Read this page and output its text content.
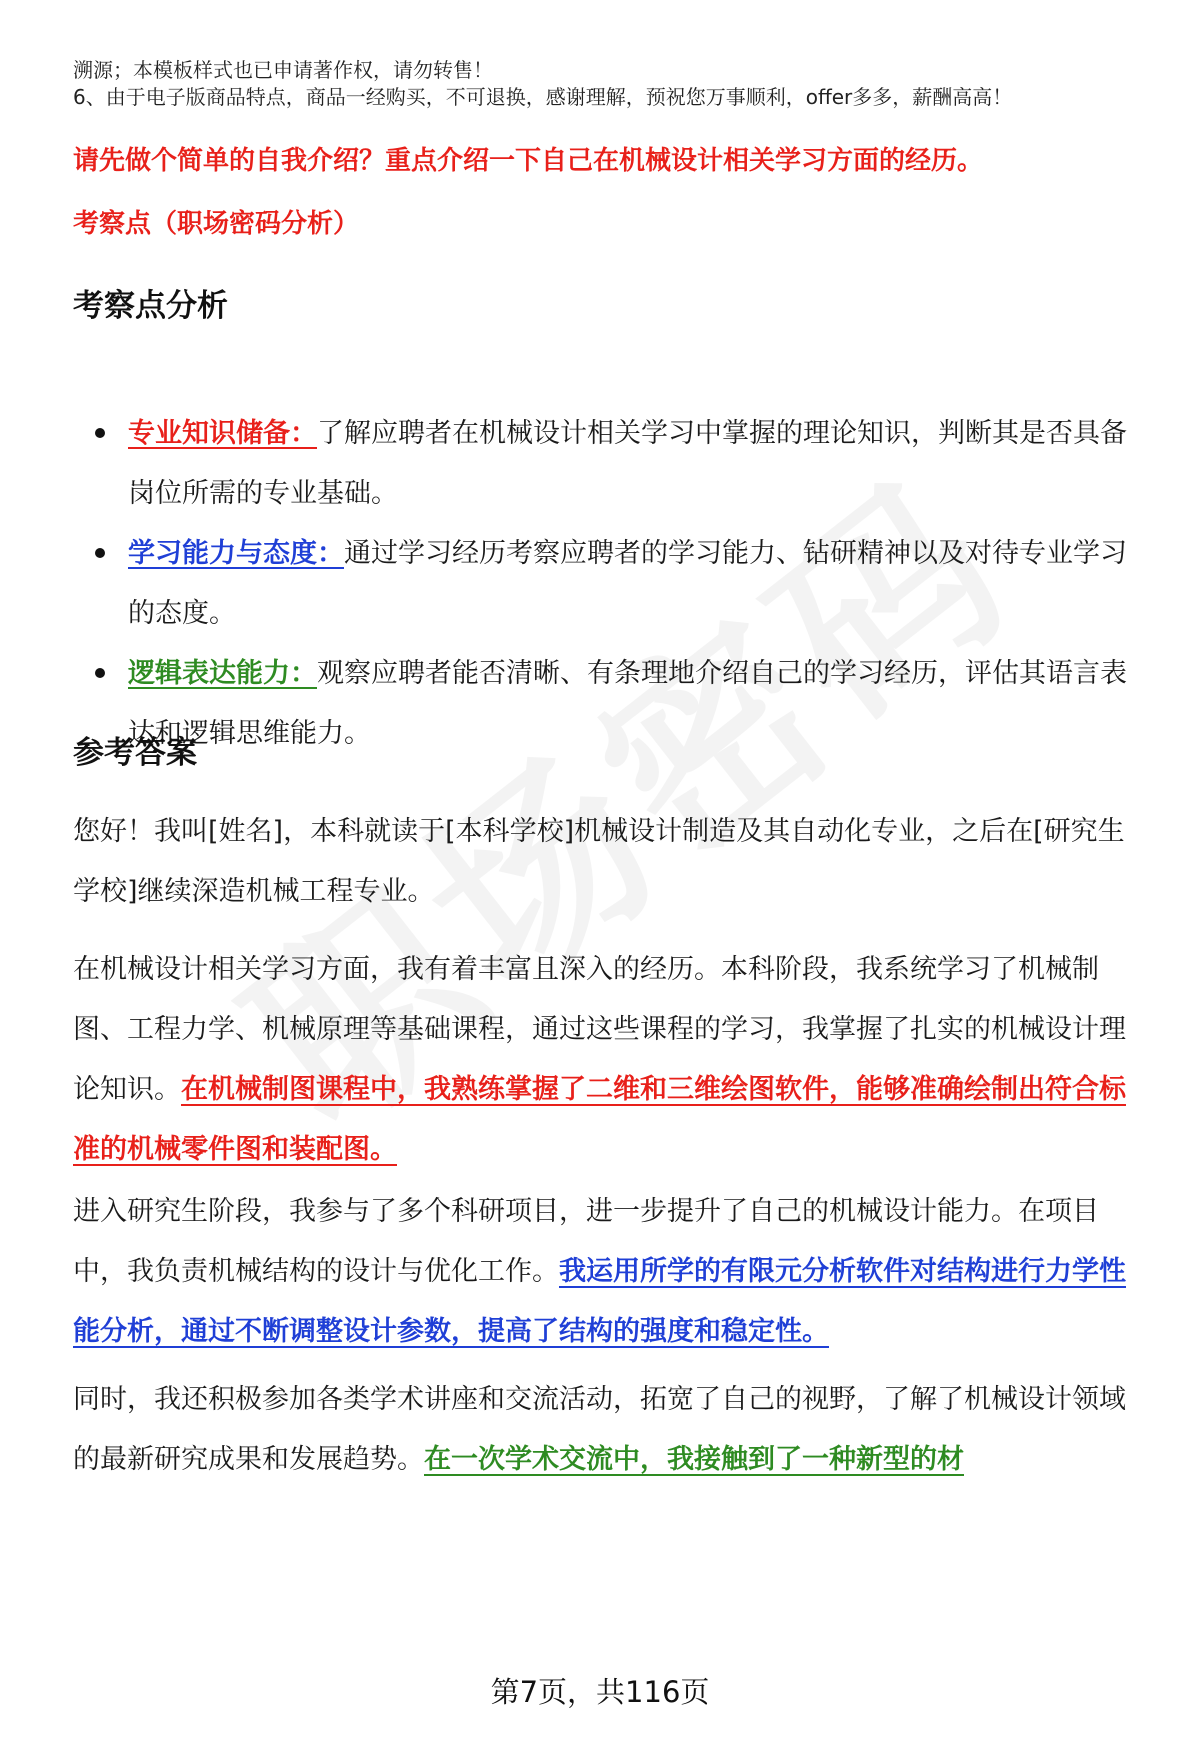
溯源；本模板样式也已申请著作权，请勿转售！
6、由于电子版商品特点，商品一经购买，不可退换，感谢理解，预祝您万事顺利，offer多多，薪酬高高！
请先做个简单的自我介绍？重点介绍一下自己在机械设计相关学习方面的经历。
考察点（职场密码分析）
考察点分析
专业知识储备：了解应聘者在机械设计相关学习中掌握的理论知识，判断其是否具备岗位所需的专业基础。
学习能力与态度：通过学习经历考察应聘者的学习能力、钻研精神以及对待专业学习的态度。
逻辑表达能力：观察应聘者能否清晰、有条理地介绍自己的学习经历，评估其语言表达和逻辑思维能力。
参考答案

您好！我叫[姓名]，本科就读于[本科学校]机械设计制造及其自动化专业，之后在[研究生学校]继续深造机械工程专业。

在机械设计相关学习方面，我有着丰富且深入的经历。本科阶段，我系统学习了机械制图、工程力学、机械原理等基础课程，通过这些课程的学习，我掌握了扎实的机械设计理论知识。在机械制图课程中，我熟练掌握了二维和三维绘图软件，能够准确绘制出符合标准的机械零件图和装配图。

进入研究生阶段，我参与了多个科研项目，进一步提升了自己的机械设计能力。在项目中，我负责机械结构的设计与优化工作。我运用所学的有限元分析软件对结构进行力学性能分析，通过不断调整设计参数，提高了结构的强度和稳定性。

同时，我还积极参加各类学术讲座和交流活动，拓宽了自己的视野，了解了机械设计领域的最新研究成果和发展趋势。在一次学术交流中，我接触到了一种新型的材

第7页，共116页
